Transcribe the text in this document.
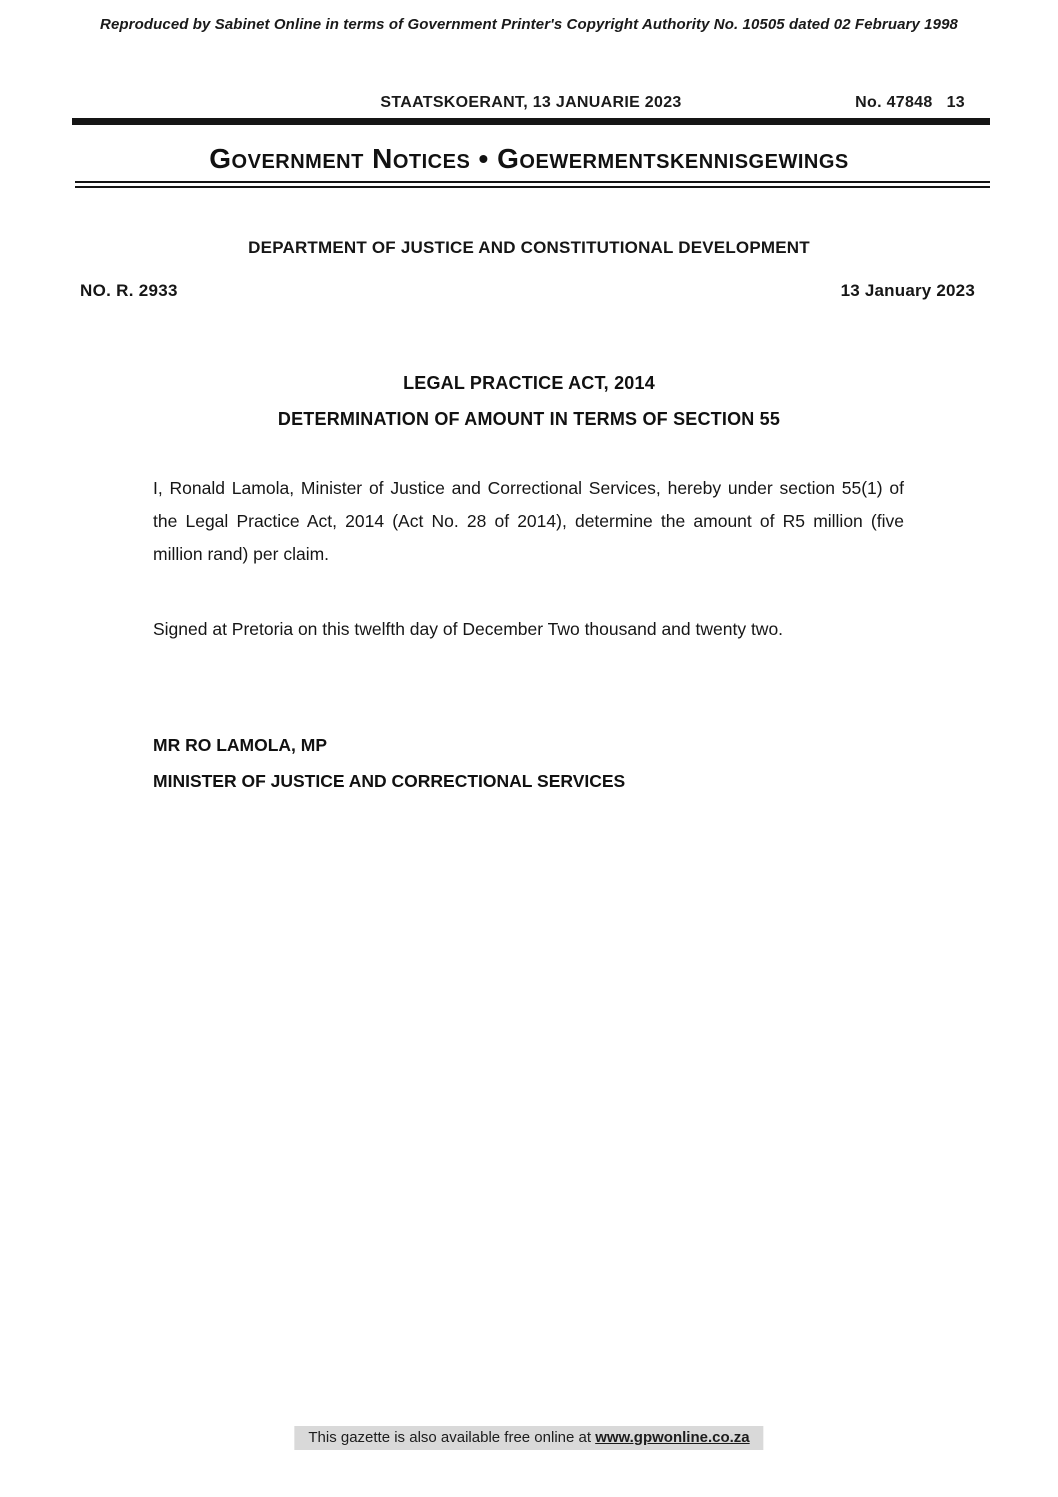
Reproduced by Sabinet Online in terms of Government Printer's Copyright Authority No. 10505 dated 02 February 1998
STAATSKOERANT, 13 JANUARIE 2023	No. 47848 13
Government Notices • Goewermentskennisgewings
DEPARTMENT OF JUSTICE AND CONSTITUTIONAL DEVELOPMENT
NO. R. 2933	13 January 2023
LEGAL PRACTICE ACT, 2014
DETERMINATION OF AMOUNT IN TERMS OF SECTION 55
I, Ronald Lamola, Minister of Justice and Correctional Services, hereby under section 55(1) of the Legal Practice Act, 2014 (Act No. 28 of 2014), determine the amount of R5 million (five million rand) per claim.
Signed at Pretoria on this twelfth day of December Two thousand and twenty two.
MR RO LAMOLA, MP
MINISTER OF JUSTICE AND CORRECTIONAL SERVICES
This gazette is also available free online at www.gpwonline.co.za
